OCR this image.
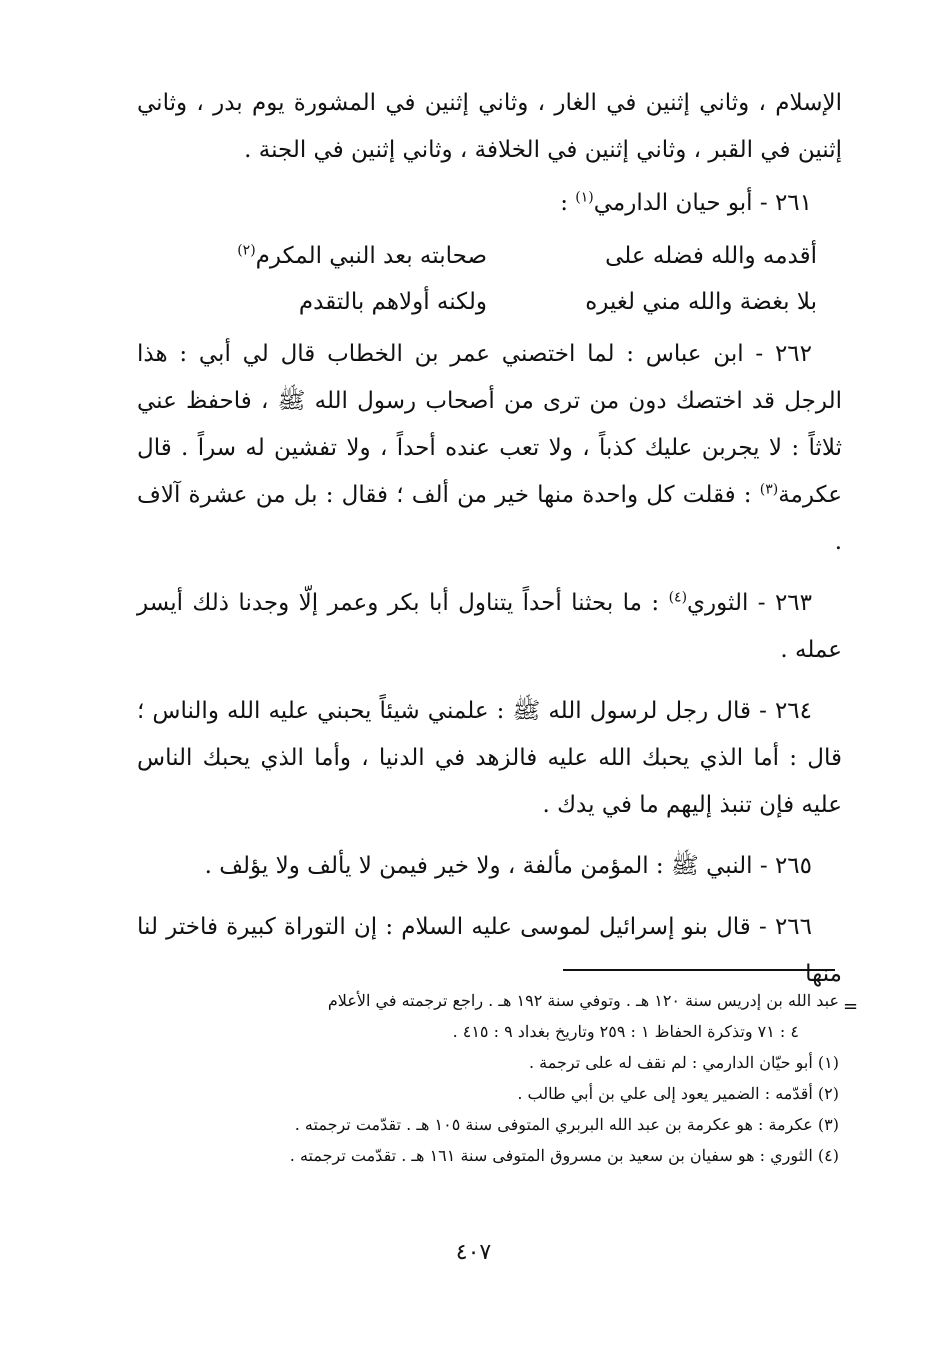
الإسلام ، وثاني إثنين في الغار ، وثاني إثنين في المشورة يوم بدر ، وثاني إثنين في القبر ، وثاني إثنين في الخلافة ، وثاني إثنين في الجنة .

٢٦١ - أبو حيان الدارمي$^{(١)}$ :

أقدمه والله فضله على
صحابته بعد النبي المكرم$^{(٢)}$
بلا بغضة والله مني لغيره
ولكنه أولاهم بالتقدم

٢٦٢ - ابن عباس : لما اختصني عمر بن الخطاب قال لي أبي : هذا الرجل قد اختصك دون من ترى من أصحاب رسول الله ﷺ ، فاحفظ عني ثلاثاً : لا يجربن عليك كذباً ، ولا تعب عنده أحداً ، ولا تفشين له سراً . قال عكرمة$^{(٣)}$ : فقلت كل واحدة منها خير من ألف ؛ فقال : بل من عشرة آلاف .

٢٦٣ - الثوري$^{(٤)}$ : ما بحثنا أحداً يتناول أبا بكر وعمر إلّا وجدنا ذلك أيسر عمله .

٢٦٤ - قال رجل لرسول الله ﷺ : علمني شيئاً يحبني عليه الله والناس ؛ قال : أما الذي يحبك الله عليه فالزهد في الدنيا ، وأما الذي يحبك الناس عليه فإن تنبذ إليهم ما في يدك .

٢٦٥ - النبي ﷺ : المؤمن مألفة ، ولا خير فيمن لا يألف ولا يؤلف .

٢٦٦ - قال بنو إسرائيل لموسى عليه السلام : إن التوراة كبيرة فاختر لنا منها

=

عبد الله بن إدريس سنة ١٢٠ هـ . وتوفي سنة ١٩٢ هـ . راجع ترجمته في الأعلام

٤ : ٧١ وتذكرة الحفاظ ١ : ٢٥٩ وتاريخ بغداد ٩ : ٤١٥ .

(١) أبو حيّان الدارمي : لم نقف له على ترجمة .

(٢) أقدّمه : الضمير يعود إلى علي بن أبي طالب .

(٣) عكرمة : هو عكرمة بن عبد الله البربري المتوفى سنة ١٠٥ هـ . تقدّمت ترجمته .

(٤) الثوري : هو سفيان بن سعيد بن مسروق المتوفى سنة ١٦١ هـ . تقدّمت ترجمته .

٤٠٧
